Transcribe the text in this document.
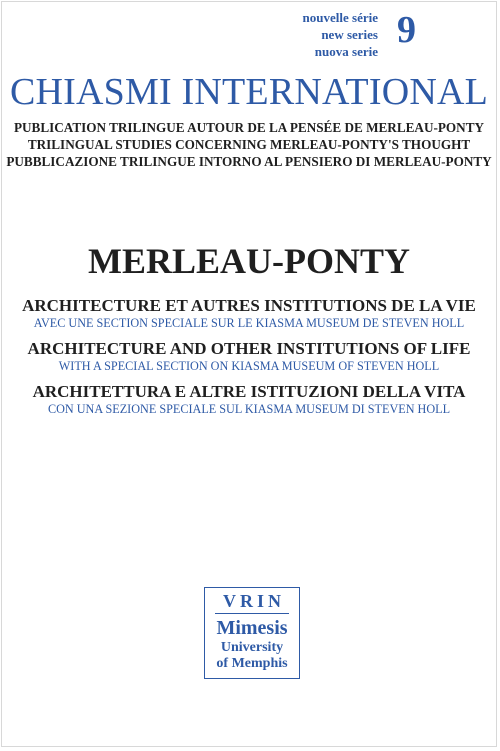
nouvelle série
new series
nuova serie
9
CHIASMI INTERNATIONAL
PUBLICATION TRILINGUE AUTOUR DE LA PENSÉE DE MERLEAU-PONTY
TRILINGUAL STUDIES CONCERNING MERLEAU-PONTY'S THOUGHT
PUBBLICAZIONE TRILINGUE INTORNO AL PENSIERO DI MERLEAU-PONTY
MERLEAU-PONTY
ARCHITECTURE ET AUTRES INSTITUTIONS DE LA VIE
AVEC UNE SECTION SPECIALE SUR LE KIASMA MUSEUM DE STEVEN HOLL
ARCHITECTURE AND OTHER INSTITUTIONS OF LIFE
WITH A SPECIAL SECTION ON KIASMA MUSEUM OF STEVEN HOLL
ARCHITETTURA E ALTRE ISTITUZIONI DELLA VITA
CON UNA SEZIONE SPECIALE SUL KIASMA MUSEUM DI STEVEN HOLL
VRIN
Mimesis
University
of Memphis
